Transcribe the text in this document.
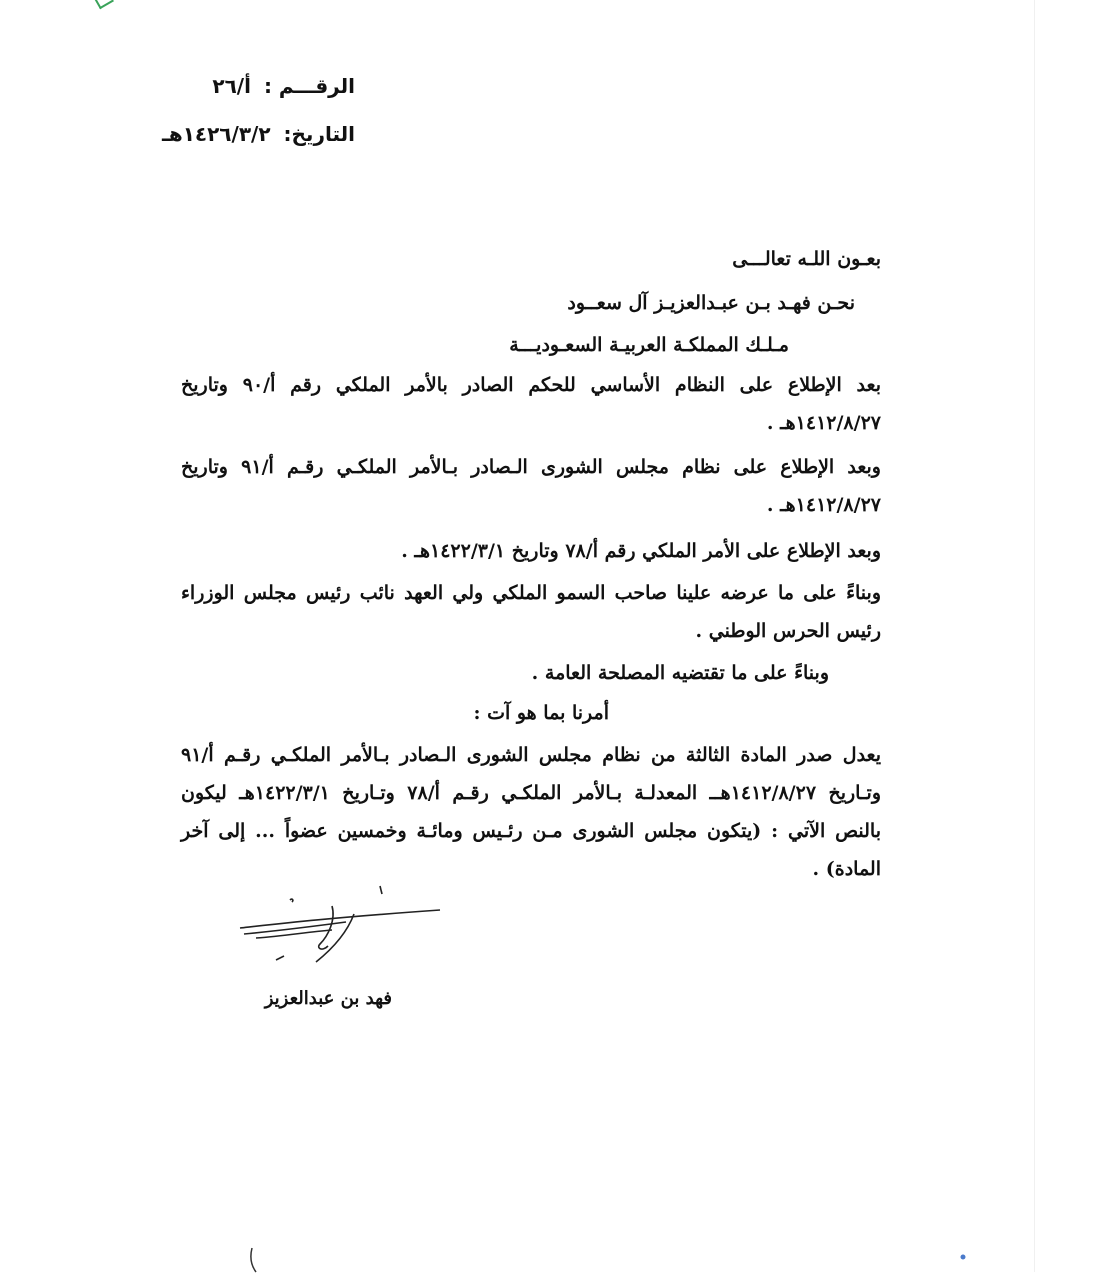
الرقـــم : أ/٢٦
التاريخ: ١٤٢٦/٣/٢هـ
بعـون اللـه تعالـــى
نحـن فهـد بـن عبـدالعزيـز آل سعــود
مـلـك المملكـة العربيـة السعـوديـــة
بعد الإطلاع على النظام الأساسي للحكم الصادر بالأمر الملكي رقم أ/٩٠ وتاريخ ١٤١٢/٨/٢٧هـ .
وبعد الإطلاع على نظام مجلس الشورى الـصادر بـالأمر الملكـي رقـم أ/٩١ وتاريخ ١٤١٢/٨/٢٧هـ .
وبعد الإطلاع على الأمر الملكي رقم أ/٧٨ وتاريخ ١٤٢٢/٣/١هـ .
وبناءً على ما عرضه علينا صاحب السمو الملكي ولي العهد نائب رئيس مجلس الوزراء رئيس الحرس الوطني .
وبناءً على ما تقتضيه المصلحة العامة .
أمرنا بما هو آت :
يعدل صدر المادة الثالثة من نظام مجلس الشورى الـصادر بـالأمر الملكـي رقـم أ/٩١ وتـاريخ ١٤١٢/٨/٢٧هــ المعدلـة بـالأمر الملكـي رقـم أ/٧٨ وتـاريخ ١٤٢٢/٣/١هـ ليكون بالنص الآتي : (يتكون مجلس الشورى مـن رئـيس ومائـة وخمسين عضواً ... إلى آخر المادة) .
فهد بن عبدالعزيز
